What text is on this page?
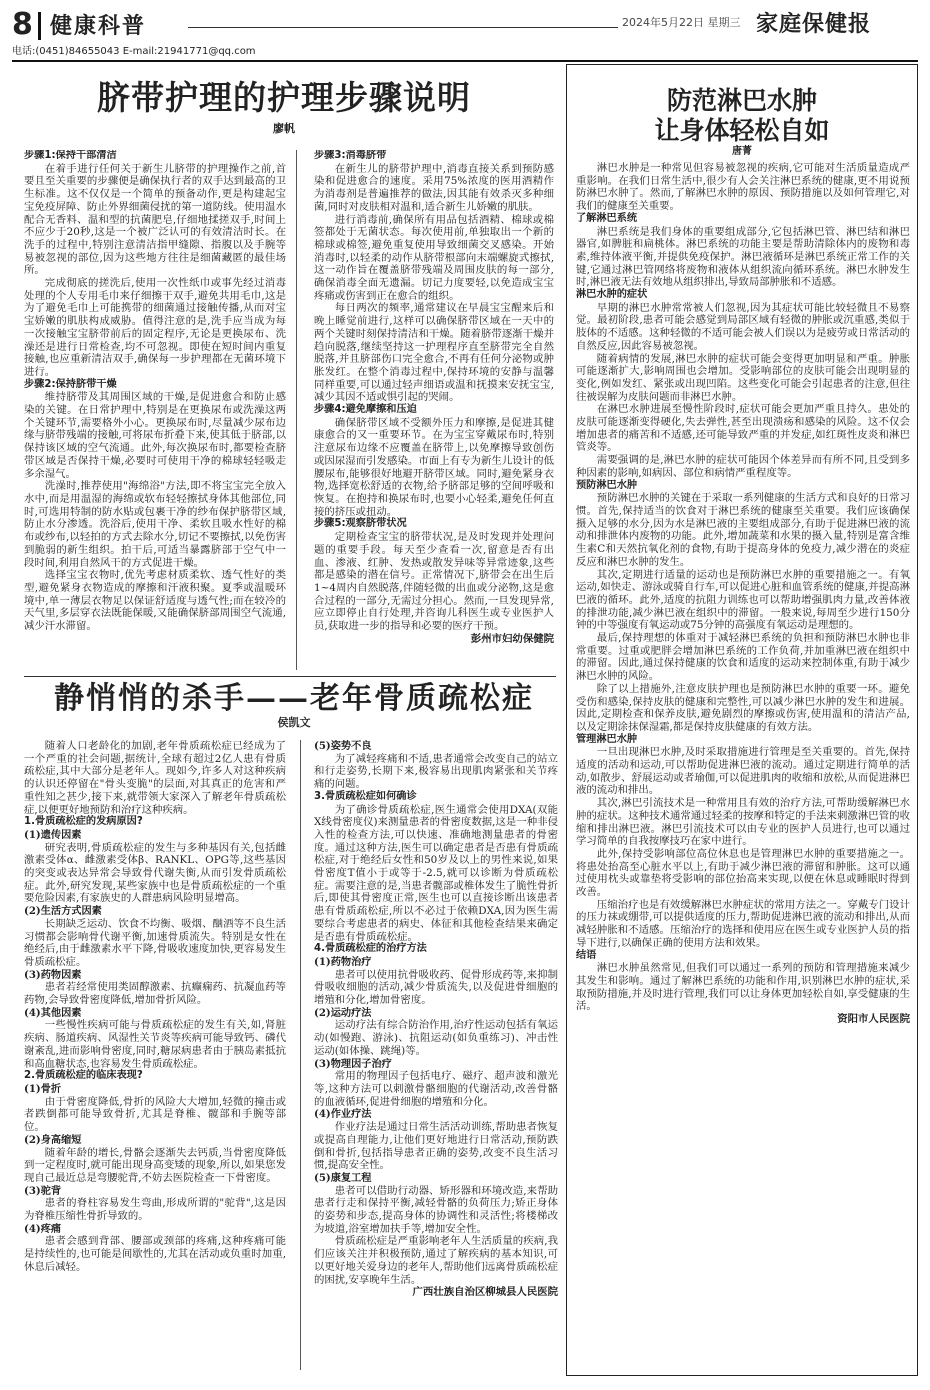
8 健康科普	2024年5月22日 星期三 家庭保健报
电话:(0451)84655043 E-mail:21941771@qq.com
脐带护理的护理步骤说明
廖帆

步骤1:保持干部清洁

在着手进行任何关于新生儿脐带的护理操作之前,首要且至关重要的步骤便是确保执行者的双手达到最高的卫生标准。这不仅仅是一个简单的预备动作,更是构建起宝宝免疫屏障、防止外界细菌侵扰的第一道防线。使用温水配合无香料、温和型的抗菌肥皂,仔细地揉搓双手,时间上不应少于20秒,这是一个被广泛认可的有效清洁时长。在洗手的过程中,特别注意清洁指甲缝隙、指腹以及手腕等易被忽视的部位,因为这些地方往往是细菌藏匿的最佳场所。

完成彻底的搓洗后,使用一次性纸巾或事先经过消毒处理的个人专用毛巾来仔细擦干双手,避免共用毛巾,这是为了避免毛巾上可能携带的细菌通过接触传播,从而对宝宝娇嫩的肌肤构成威胁。值得注意的是,洗手应当成为每一次接触宝宝脐带前后的固定程序,无论是更换尿布、洗澡还是进行日常检查,均不可忽视。即使在短时间内重复接触,也应重新清洁双手,确保每一步护理都在无菌环境下进行。

步骤2:保持脐带干燥

维持脐带及其周围区域的干燥,是促进愈合和防止感染的关键。在日常护理中,特别是在更换尿布或洗澡这两个关键环节,需要格外小心。更换尿布时,尽量减少尿布边缘与脐带残端的接触,可将尿布折叠下来,使其低于脐部,以保持该区域的空气流通。此外,每次换尿布时,都要检查脐带区域是否保持干燥,必要时可使用干净的棉球轻轻吸走多余湿气。

洗澡时,推荐使用"海绵浴"方法,即不将宝宝完全放入水中,而是用温湿的海绵或软布轻轻擦拭身体其他部位,同时,可选用特制的防水贴或包裹干净的纱布保护脐带区域,防止水分渗透。洗浴后,使用干净、柔软且吸水性好的棉布或纱布,以轻拍的方式去除水分,切记不要擦拭,以免伤害到脆弱的新生组织。拍干后,可适当暴露脐部于空气中一段时间,利用自然风干的方式促进干燥。

选择宝宝衣物时,优先考虑材质柔软、透气性好的类型,避免紧身衣物造成的摩擦和汗液积聚。夏季或温暖环境中,单一薄层衣物足以保证舒适度与透气性;而在较冷的天气里,多层穿衣法既能保暖,又能确保脐部周围空气流通,减少汗水滞留。

步骤3:消毒脐带

在新生儿的脐带护理中,消毒直接关系到预防感染和促进愈合的速度。采用75%浓度的医用酒精作为消毒剂是普遍推荐的做法,因其能有效杀灭多种细菌,同时对皮肤相对温和,适合新生儿娇嫩的肌肤。

进行消毒前,确保所有用品包括酒精、棉球或棉签都处于无菌状态。每次使用前,单独取出一个新的棉球或棉签,避免重复使用导致细菌交叉感染。开始消毒时,以轻柔的动作从脐带根部向末端螺旋式擦拭,这一动作旨在覆盖脐带残端及周围皮肤的每一部分,确保消毒全面无遗漏。切记力度要轻,以免造成宝宝疼痛或伤害到正在愈合的组织。

每日两次的频率,通常建议在早晨宝宝醒来后和晚上睡觉前进行,这样可以确保脐带区域在一天中的两个关键时刻保持清洁和干燥。随着脐带逐渐干燥并趋向脱落,继续坚持这一护理程序直至脐带完全自然脱落,并且脐部伤口完全愈合,不再有任何分泌物或肿胀发红。在整个消毒过程中,保持环境的安静与温馨同样重要,可以通过轻声细语或温和抚摸来安抚宝宝,减少其因不适或惧引起的哭闹。

步骤4:避免摩擦和压迫

确保脐带区域不受额外压力和摩擦,是促进其健康愈合的又一重要环节。在为宝宝穿戴尿布时,特别注意尿布边缘不应覆盖在脐带上,以免摩擦导致创伤或因尿湿而引发感染。市面上有专为新生儿设计的低腰尿布,能够很好地避开脐带区域。同时,避免紧身衣物,选择宽松舒适的衣物,给予脐部足够的空间呼吸和恢复。在抱持和换尿布时,也要小心轻柔,避免任何直接的挤压或扭动。

步骤5:观察脐带状况

定期检查宝宝的脐带状况,是及时发现并处理问题的重要手段。每天至少查看一次,留意是否有出血、渗液、红肿、发热或散发异味等异常迹象,这些都是感染的潜在信号。正常情况下,脐带会在出生后1~4周内自然脱落,伴随轻微的出血或分泌物,这是愈合过程的一部分,无需过分担心。然而,一旦发现异常,应立即停止自行处理,并咨询儿科医生或专业医护人员,获取进一步的指导和必要的医疗干预。

彭州市妇幼保健院

静悄悄的杀手——老年骨质疏松症
侯凯文

随着人口老龄化的加剧,老年骨质疏松症已经成为了一个严重的社会问题,据统计,全球有超过2亿人患有骨质疏松症,其中大部分是老年人。现如今,许多人对这种疾病的认识还停留在"骨头变脆"的层面,对其真正的危害和严重性知之甚少,接下来,就带领大家深入了解老年骨质疏松症,以便更好地预防和治疗这种疾病。

1.骨质疏松症的发病原因?

(1)遗传因素

研究表明,骨质疏松症的发生与多种基因有关,包括雌激素受体α、雌激素受体β、RANKL、OPG等,这些基因的突变或表达异常会导致骨代谢失衡,从而引发骨质疏松症。此外,研究发现,某些家族中也是骨质疏松症的一个重要危险因素,有家族史的人群患病风险明显增高。

(2)生活方式因素

长期缺乏运动、饮食不均衡、吸烟、酗酒等不良生活习惯都会影响骨代谢平衡,加速骨质流失。特别是女性在绝经后,由于雌激素水平下降,骨吸收速度加快,更容易发生骨质疏松症。

(3)药物因素

患者若经常使用类固醇激素、抗癫痫药、抗凝血药等药物,会导致骨密度降低,增加骨折风险。

(4)其他因素

一些慢性疾病可能与骨质疏松症的发生有关,如,肾脏疾病、肠道疾病、风湿性关节炎等疾病可能导致钙、磷代谢紊乱,进而影响骨密度,同时,糖尿病患者由于胰岛素抵抗和高血糖状态,也容易发生骨质疏松症。

2.骨质疏松症的临床表现?

(1)骨折

由于骨密度降低,骨折的风险大大增加,轻微的撞击或者跌倒都可能导致骨折,尤其是脊椎、髋部和手腕等部位。

(2)身高缩短

随着年龄的增长,骨骼会逐渐失去钙质,当骨密度降低到一定程度时,就可能出现身高变矮的现象,所以,如果您发现自己最近总是弯腰驼背,不妨去医院检查一下骨密度。

(3)驼背

患者的脊柱容易发生弯曲,形成所谓的"驼背",这是因为脊椎压缩性骨折导致的。

(4)疼痛

患者会感到背部、腰部或颈部的疼痛,这种疼痛可能是持续性的,也可能是间歇性的,尤其在活动或负重时加重,休息后减轻。

(5)姿势不良

为了减轻疼痛和不适,患者通常会改变自己的站立和行走姿势,长期下来,极容易出现肌肉紧张和关节疼痛的问题。

3.骨质疏松症如何确诊

为了确诊骨质疏松症,医生通常会使用DXA(双能X线骨密度仪)来测量患者的骨密度数据,这是一种非侵入性的检查方法,可以快速、准确地测量患者的骨密度。通过这种方法,医生可以确定患者是否患有骨质疏松症,对于绝经后女性和50岁及以上的男性来说,如果骨密度T值小于或等于-2.5,就可以诊断为骨质疏松症。需要注意的是,当患者髋部或椎体发生了脆性骨折后,即使其骨密度正常,医生也可以直接诊断出该患者患有骨质疏松症,所以不必过于依赖DXA,因为医生需要综合考虑患者的病史、体征和其他检查结果来确定是否患有骨质疏松症。

4.骨质疏松症的治疗方法

(1)药物治疗

患者可以使用抗骨吸收药、促骨形成药等,来抑制骨吸收细胞的活动,减少骨质流失,以及促进骨细胞的增殖和分化,增加骨密度。

(2)运动疗法

运动疗法有综合防治作用,治疗性运动包括有氧运动(如慢跑、游泳)、抗阻运动(如负重练习)、冲击性运动(如体操、跳绳)等。

(3)物理因子治疗

常用的物理因子包括电疗、磁疗、超声波和激光等,这种方法可以刺激骨骼细胞的代谢活动,改善骨骼的血液循环,促进骨细胞的增殖和分化。

(4)作业疗法

作业疗法是通过日常生活活动训练,帮助患者恢复或提高自理能力,让他们更好地进行日常活动,预防跌倒和骨折,包括指导患者正确的姿势,改变不良生活习惯,提高安全性。

(5)康复工程

患者可以借助行动器、矫形器和环境改造,来帮助患者行走和保持平衡,减轻骨骼的负荷压力;矫正身体的姿势和步态,提高身体的协调性和灵活性;将楼梯改为坡道,浴室增加扶手等,增加安全性。

骨质疏松症是严重影响老年人生活质量的疾病,我们应该关注并积极预防,通过了解疾病的基本知识,可以更好地关爱身边的老年人,帮助他们远离骨质疏松症的困扰,安享晚年生活。

广西壮族自治区柳城县人民医院

防范淋巴水肿
让身体轻松自如
唐菁

淋巴水肿是一种常见但容易被忽视的疾病,它可能对生活质量造成严重影响。在我们日常生活中,很少有人会关注淋巴系统的健康,更不用说预防淋巴水肿了。然而,了解淋巴水肿的原因、预防措施以及如何管理它,对我们的健康至关重要。

了解淋巴系统

淋巴系统是我们身体的重要组成部分,它包括淋巴管、淋巴结和淋巴器官,如脾脏和扁桃体。淋巴系统的功能主要是帮助清除体内的废物和毒素,维持体液平衡,并提供免疫保护。淋巴液循环是淋巴系统正常工作的关键,它通过淋巴管网络将废物和液体从组织流向循环系统。淋巴水肿发生时,淋巴液无法有效地从组织排出,导致局部肿胀和不适感。

淋巴水肿的症状

早期的淋巴水肿常常被人们忽视,因为其症状可能比较轻微且不易察觉。最初阶段,患者可能会感觉到局部区域有轻微的肿胀或沉重感,类似于肢体的不适感。这种轻微的不适可能会被人们误以为是疲劳或日常活动的自然反应,因此容易被忽视。

随着病情的发展,淋巴水肿的症状可能会变得更加明显和严重。肿胀可能逐渐扩大,影响周围也会增加。受影响部位的皮肤可能会出现明显的变化,例如发红、紧张或出现凹陷。这些变化可能会引起患者的注意,但往往被误解为皮肤问题而非淋巴水肿。

在淋巴水肿进展至慢性阶段时,症状可能会更加严重且持久。患处的皮肤可能逐渐变得硬化,失去弹性,甚至出现溃疡和感染的风险。这不仅会增加患者的痛苦和不适感,还可能导致严重的并发症,如红斑性皮炎和淋巴管炎等。

需要强调的是,淋巴水肿的症状可能因个体差异而有所不同,且受到多种因素的影响,如病因、部位和病情严重程度等。

预防淋巴水肿

预防淋巴水肿的关键在于采取一系列健康的生活方式和良好的日常习惯。首先,保持适当的饮食对于淋巴系统的健康至关重要。我们应该确保摄入足够的水分,因为水是淋巴液的主要组成部分,有助于促进淋巴液的流动和排泄体内废物的功能。此外,增加蔬菜和水果的摄入量,特别是富含维生素C和天然抗氧化剂的食物,有助于提高身体的免疫力,减少潜在的炎症反应和淋巴水肿的发生。

其次,定期进行适量的运动也是预防淋巴水肿的重要措施之一。有氧运动,如快走、游泳或骑自行车,可以促进心脏和血管系统的健康,并提高淋巴液的循环。此外,适度的抗阻力训练也可以帮助增强肌肉力量,改善体液的排泄功能,减少淋巴液在组织中的滞留。一般来说,每周至少进行150分钟的中等强度有氧运动或75分钟的高强度有氧运动是理想的。

最后,保持理想的体重对于减轻淋巴系统的负担和预防淋巴水肿也非常重要。过重或肥胖会增加淋巴系统的工作负荷,并加重淋巴液在组织中的滞留。因此,通过保持健康的饮食和适度的运动来控制体重,有助于减少淋巴水肿的风险。

除了以上措施外,注意皮肤护理也是预防淋巴水肿的重要一环。避免受伤和感染,保持皮肤的健康和完整性,可以减少淋巴水肿的发生和进展。因此,定期检查和保养皮肤,避免剧烈的摩擦或伤害,使用温和的清洁产品,以及定期涂抹保湿霜,都是保持皮肤健康的有效方法。

管理淋巴水肿

一旦出现淋巴水肿,及时采取措施进行管理是至关重要的。首先,保持适度的活动和运动,可以帮助促进淋巴液的流动。通过定期进行简单的活动,如散步、舒展运动或者瑜伽,可以促进肌肉的收缩和放松,从而促进淋巴液的流动和排出。

其次,淋巴引流技术是一种常用且有效的治疗方法,可帮助缓解淋巴水肿的症状。这种技术通常通过轻柔的按摩和特定的手法来刺激淋巴管的收缩和排出淋巴液。淋巴引流技术可以由专业的医护人员进行,也可以通过学习简单的自我按摩技巧在家中进行。

此外,保持受影响部位高位休息也是管理淋巴水肿的重要措施之一。将患处抬高至心脏水平以上,有助于减少淋巴液的滞留和肿胀。这可以通过使用枕头或靠垫将受影响的部位抬高来实现,以便在休息或睡眠时得到改善。

压缩治疗也是有效缓解淋巴水肿症状的常用方法之一。穿戴专门设计的压力袜或绷带,可以提供适度的压力,帮助促进淋巴液的流动和排出,从而减轻肿胀和不适感。压缩治疗的选择和使用应在医生或专业医护人员的指导下进行,以确保正确的使用方法和效果。

结语

淋巴水肿虽然常见,但我们可以通过一系列的预防和管理措施来减少其发生和影响。通过了解淋巴系统的功能和作用,识别淋巴水肿的症状,采取预防措施,并及时进行管理,我们可以让身体更加轻松自如,享受健康的生活。

资阳市人民医院
